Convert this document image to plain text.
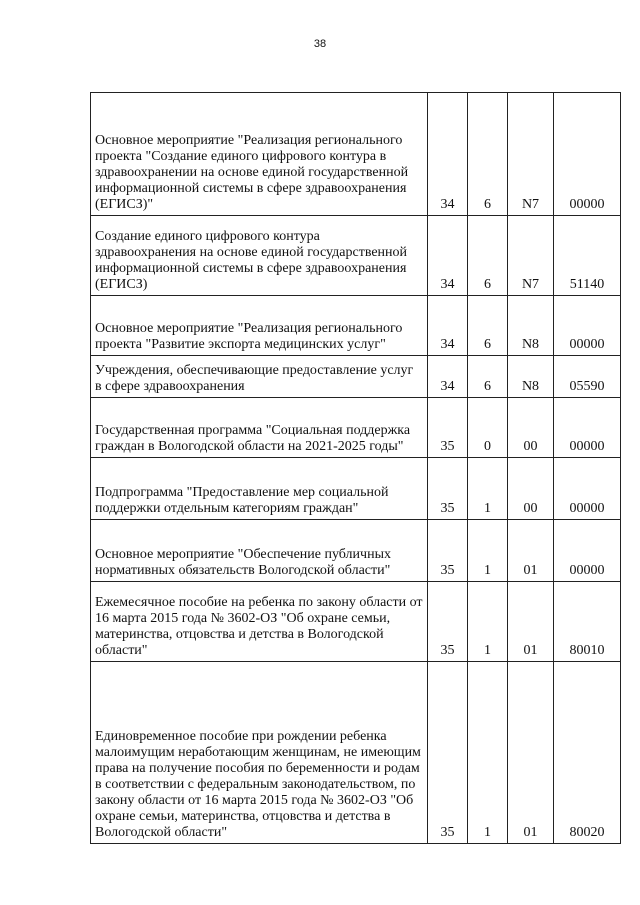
38
Основное мероприятие "Реализация регионального проекта "Создание единого цифрового контура в здравоохранении на основе единой государственной информационной системы в сфере здравоохранения (ЕГИСЗ)"	34	6	N7	00000
Создание единого цифрового контура здравоохранения на основе единой государственной информационной системы в сфере здравоохранения (ЕГИСЗ)	34	6	N7	51140
Основное мероприятие "Реализация регионального проекта "Развитие экспорта медицинских услуг"	34	6	N8	00000
Учреждения, обеспечивающие предоставление услуг в сфере здравоохранения	34	6	N8	05590
Государственная программа "Социальная поддержка граждан в Вологодской области на 2021-2025 годы"	35	0	00	00000
Подпрограмма "Предоставление мер социальной поддержки отдельным категориям граждан"	35	1	00	00000
Основное мероприятие "Обеспечение публичных нормативных обязательств Вологодской области"	35	1	01	00000
Ежемесячное пособие на ребенка по закону области от 16 марта 2015 года № 3602-ОЗ "Об охране семьи, материнства, отцовства и детства в Вологодской области"	35	1	01	80010
Единовременное пособие при рождении ребенка малоимущим неработающим женщинам, не имеющим права на получение пособия по беременности и родам в соответствии с федеральным законодательством, по закону области от 16 марта 2015 года № 3602-ОЗ "Об охране семьи, материнства, отцовства и детства в Вологодской области"	35	1	01	80020
